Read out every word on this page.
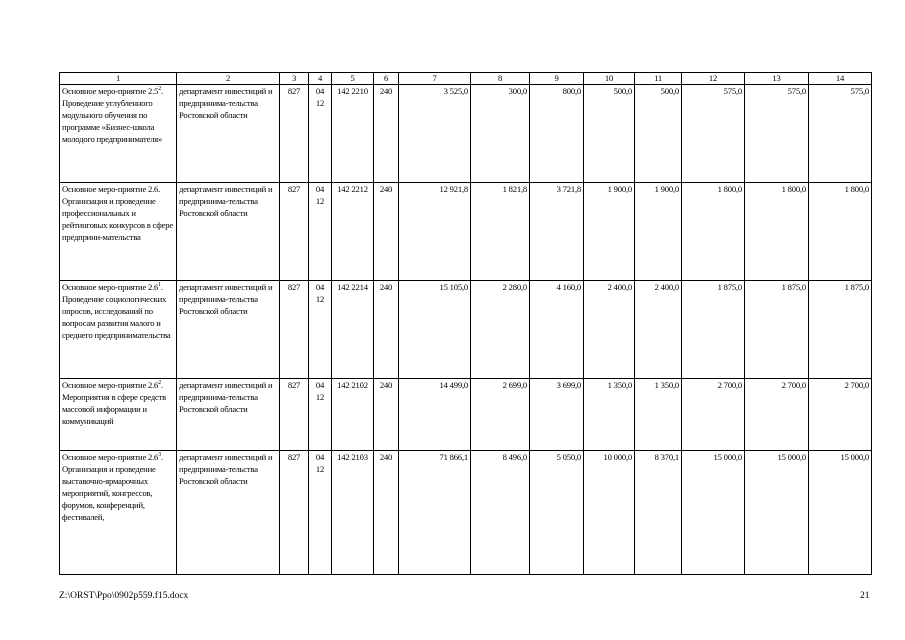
1	2	3	4	5	6	7	8	9	10	11	12	13	14
Основное меро-приятие $2.5^2$. Проведение углубленного модульного обучения по программе «Бизнес-школа молодого предпринимателя»	департамент инвестиций и предпринима-тельства Ростовской области	827	04 12	142 2210	240	3 525,0	300,0	800,0	500,0	500,0	575,0	575,0	575,0
Основное меро-приятие 2.6. Организация и проведение профессиональных и рейтинговых конкурсов в сфере предприни-мательства	департамент инвестиций и предпринима-тельства Ростовской области	827	04 12	142 2212	240	12 921,8	1 821,8	3 721,8	1 900,0	1 900,0	1 800,0	1 800,0	1 800,0
Основное меро-приятие $2.6^1$. Проведение социологических опросов, исследований по вопросам развития малого и среднего предпринимательства	департамент инвестиций и предпринима-тельства Ростовской области	827	04 12	142 2214	240	15 105,0	2 280,0	4 160,0	2 400,0	2 400,0	1 875,0	1 875,0	1 875,0
Основное меро-приятие $2.6^2$. Мероприятия в сфере средств массовой информации и коммуникаций	департамент инвестиций и предпринима-тельства Ростовской области	827	04 12	142 2102	240	14 499,0	2 699,0	3 699,0	1 350,0	1 350,0	2 700,0	2 700,0	2 700,0
Основное меро-приятие $2.6^3$. Организация и проведение выставочно-ярмарочных мероприятий, конгрессов, форумов, конференций, фестивалей,	департамент инвестиций и предпринима-тельства Ростовской области	827	04 12	142 2103	240	71 866,1	8 496,0	5 050,0	10 000,0	8 370,1	15 000,0	15 000,0	15 000,0
Z:\ORST\Ppo\0902p559.f15.docx	21
